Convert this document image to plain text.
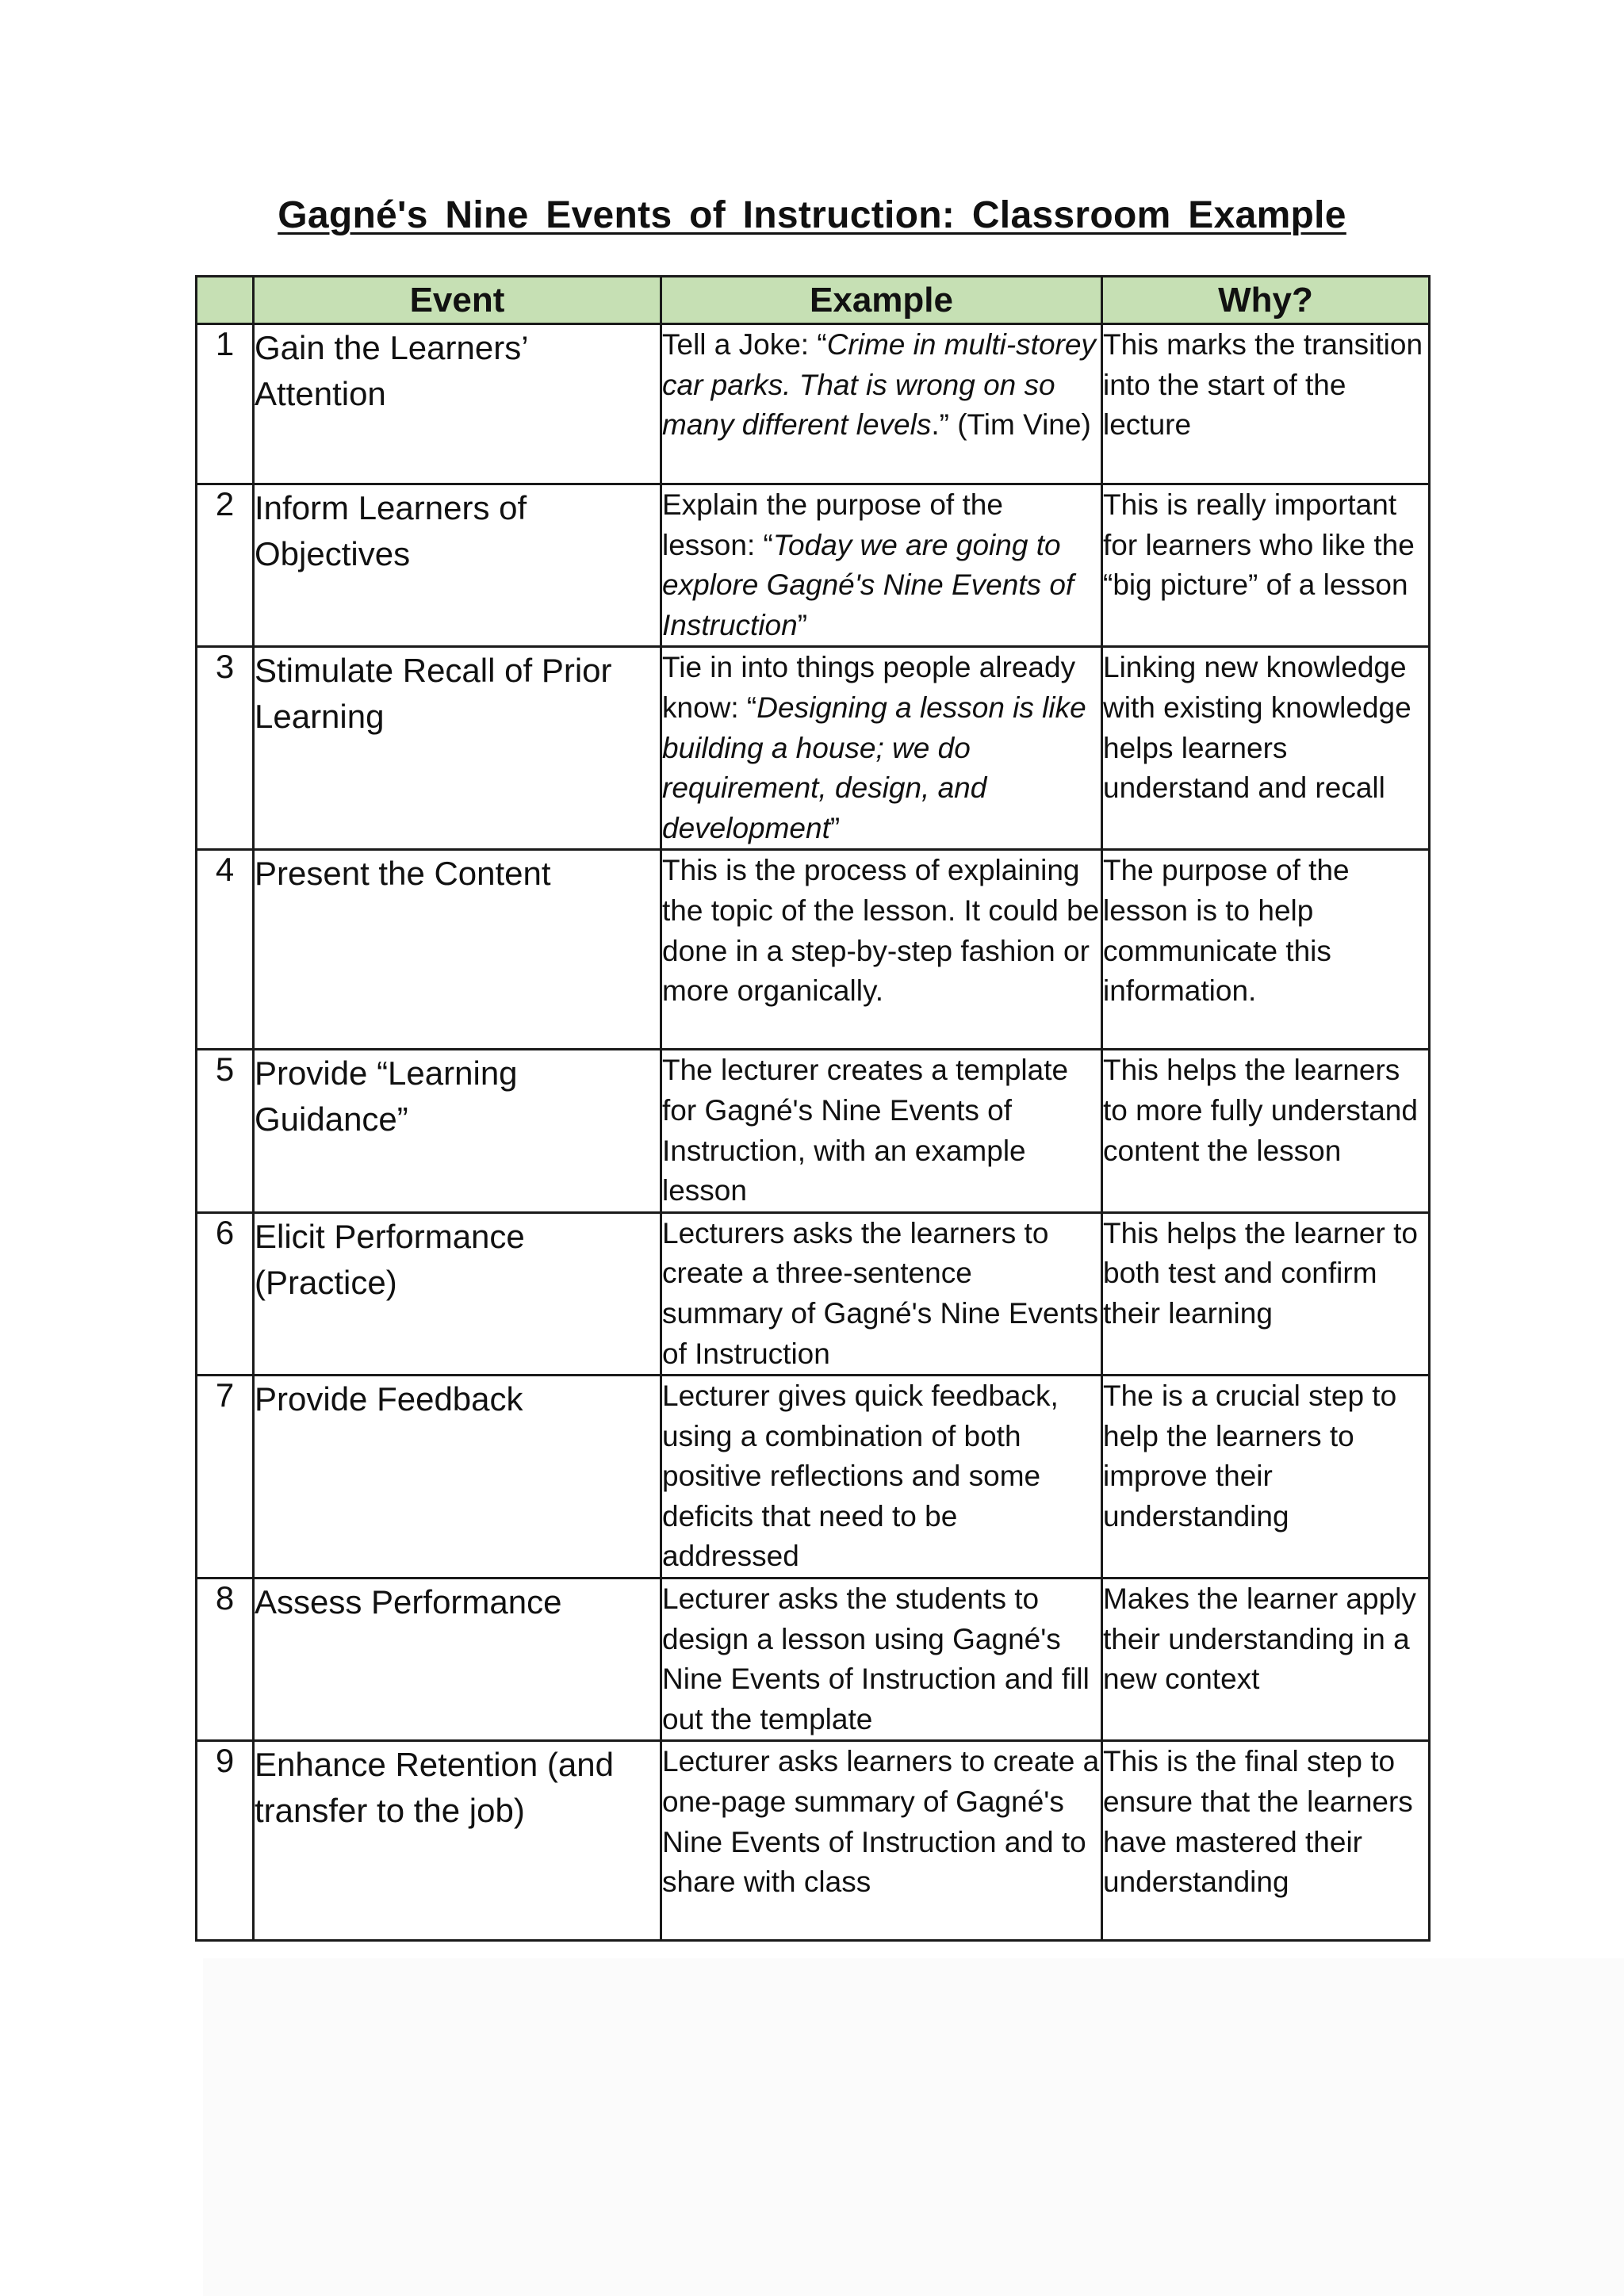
Gagné's Nine Events of Instruction: Classroom Example
	Event	Example	Why?
1	Gain the Learners’ Attention	Tell a Joke: “Crime in multi-storey car parks. That is wrong on so many different levels.” (Tim Vine)	This marks the transition into the start of the lecture
2	Inform Learners of Objectives	Explain the purpose of the lesson: “Today we are going to explore Gagné's Nine Events of Instruction”	This is really important for learners who like the “big picture” of a lesson
3	Stimulate Recall of Prior Learning	Tie in into things people already know: “Designing a lesson is like building a house; we do requirement, design, and development”	Linking new knowledge with existing knowledge helps learners understand and recall
4	Present the Content	This is the process of explaining the topic of the lesson. It could be done in a step-by-step fashion or more organically.	The purpose of the lesson is to help communicate this information.
5	Provide “Learning Guidance”	The lecturer creates a template for Gagné's Nine Events of Instruction, with an example lesson	This helps the learners to more fully understand content the lesson
6	Elicit Performance (Practice)	Lecturers asks the learners to create a three-sentence summary of Gagné's Nine Events of Instruction	This helps the learner to both test and confirm their learning
7	Provide Feedback	Lecturer gives quick feedback, using a combination of both positive reflections and some deficits that need to be addressed	The is a crucial step to help the learners to improve their understanding
8	Assess Performance	Lecturer asks the students to design a lesson using Gagné's Nine Events of Instruction and fill out the template	Makes the learner apply their understanding in a new context
9	Enhance Retention (and transfer to the job)	Lecturer asks learners to create a one-page summary of Gagné's Nine Events of Instruction and to share with class	This is the final step to ensure that the learners have mastered their understanding
